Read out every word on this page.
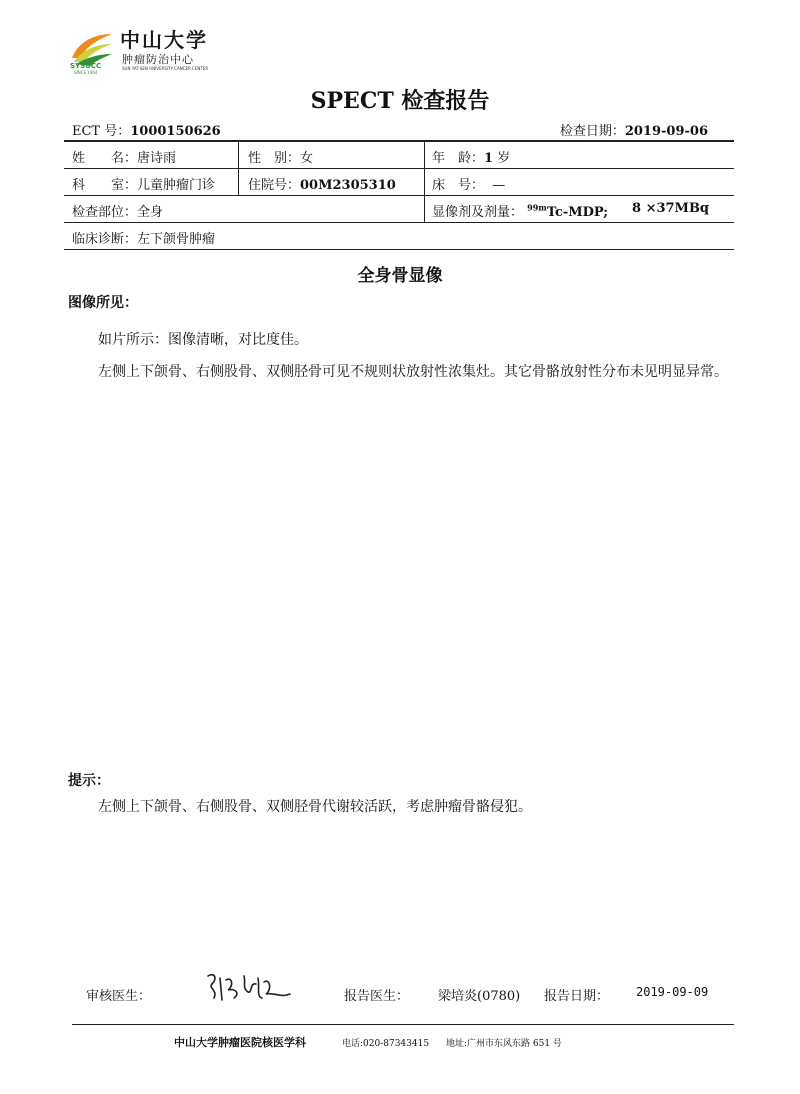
SYSUCC
SINCE 1964
中山大学
肿瘤防治中心
SUN YAT-SEN UNIVERSITY CANCER CENTER
SPECT 检查报告
ECT 号：1000150626	检查日期：2019-09-06
姓　　名：唐诗雨	性　别：女	年　龄：1 岁
科　　室：儿童肿瘤门诊	住院号：00M2305310	床　号： —
检查部位：全身	显像剂及剂量： $^{99m}$Tc-MDP; 8 ×37MBq
临床诊断：左下颌骨肿瘤
全身骨显像
图像所见：
如片所示：图像清晰，对比度佳。
左侧上下颌骨、右侧股骨、双侧胫骨可见不规则状放射性浓集灶。其它骨骼放射性分布未见明显异常。
提示：
左侧上下颌骨、右侧股骨、双侧胫骨代谢较活跃，考虑肿瘤骨骼侵犯。
审核医生：	报告医生： 梁培炎(0780) 报告日期： 2019-09-09
中山大学肿瘤医院核医学科	电话:020-87343415 地址:广州市东风东路 651 号
